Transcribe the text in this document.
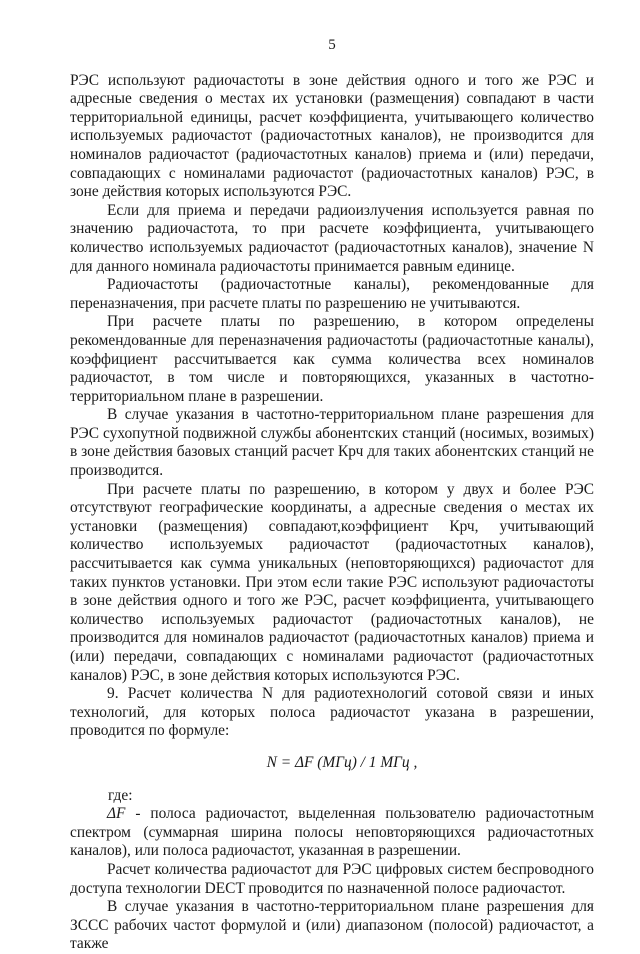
5

РЭС используют радиочастоты в зоне действия одного и того же РЭС и адресные сведения о местах их установки (размещения) совпадают в части территориальной единицы, расчет коэффициента, учитывающего количество используемых радиочастот (радиочастотных каналов), не производится для номиналов радиочастот (радиочастотных каналов) приема и (или) передачи, совпадающих с номиналами радиочастот (радиочастотных каналов) РЭС, в зоне действия которых используются РЭС.

Если для приема и передачи радиоизлучения используется равная по значению радиочастота, то при расчете коэффициента, учитывающего количество используемых радиочастот (радиочастотных каналов), значение N для данного номинала радиочастоты принимается равным единице.

Радиочастоты (радиочастотные каналы), рекомендованные для переназначения, при расчете платы по разрешению не учитываются.

При расчете платы по разрешению, в котором определены рекомендованные для переназначения радиочастоты (радиочастотные каналы), коэффициент рассчитывается как сумма количества всех номиналов радиочастот, в том числе и повторяющихся, указанных в частотно-территориальном плане в разрешении.

В случае указания в частотно-территориальном плане разрешения для РЭС сухопутной подвижной службы абонентских станций (носимых, возимых) в зоне действия базовых станций расчет Крч для таких абонентских станций не производится.

При расчете платы по разрешению, в котором у двух и более РЭС отсутствуют географические координаты, а адресные сведения о местах их установки (размещения) совпадают,коэффициент Крч, учитывающий количество используемых радиочастот (радиочастотных каналов), рассчитывается как сумма уникальных (неповторяющихся) радиочастот для таких пунктов установки. При этом если такие РЭС используют радиочастоты в зоне действия одного и того же РЭС, расчет коэффициента, учитывающего количество используемых радиочастот (радиочастотных каналов), не производится для номиналов радиочастот (радиочастотных каналов) приема и (или) передачи, совпадающих с номиналами радиочастот (радиочастотных каналов) РЭС, в зоне действия которых используются РЭС.

9. Расчет количества N для радиотехнологий сотовой связи и иных технологий, для которых полоса радиочастот указана в разрешении, проводится по формуле:

N = ΔF (МГц) / 1 МГц ,

где:

ΔF - полоса радиочастот, выделенная пользователю радиочастотным спектром (суммарная ширина полосы неповторяющихся радиочастотных каналов), или полоса радиочастот, указанная в разрешении.

Расчет количества радиочастот для РЭС цифровых систем беспроводного доступа технологии DECT проводится по назначенной полосе радиочастот.

В случае указания в частотно-территориальном плане разрешения для ЗССС рабочих частот формулой и (или) диапазоном (полосой) радиочастот, а также
